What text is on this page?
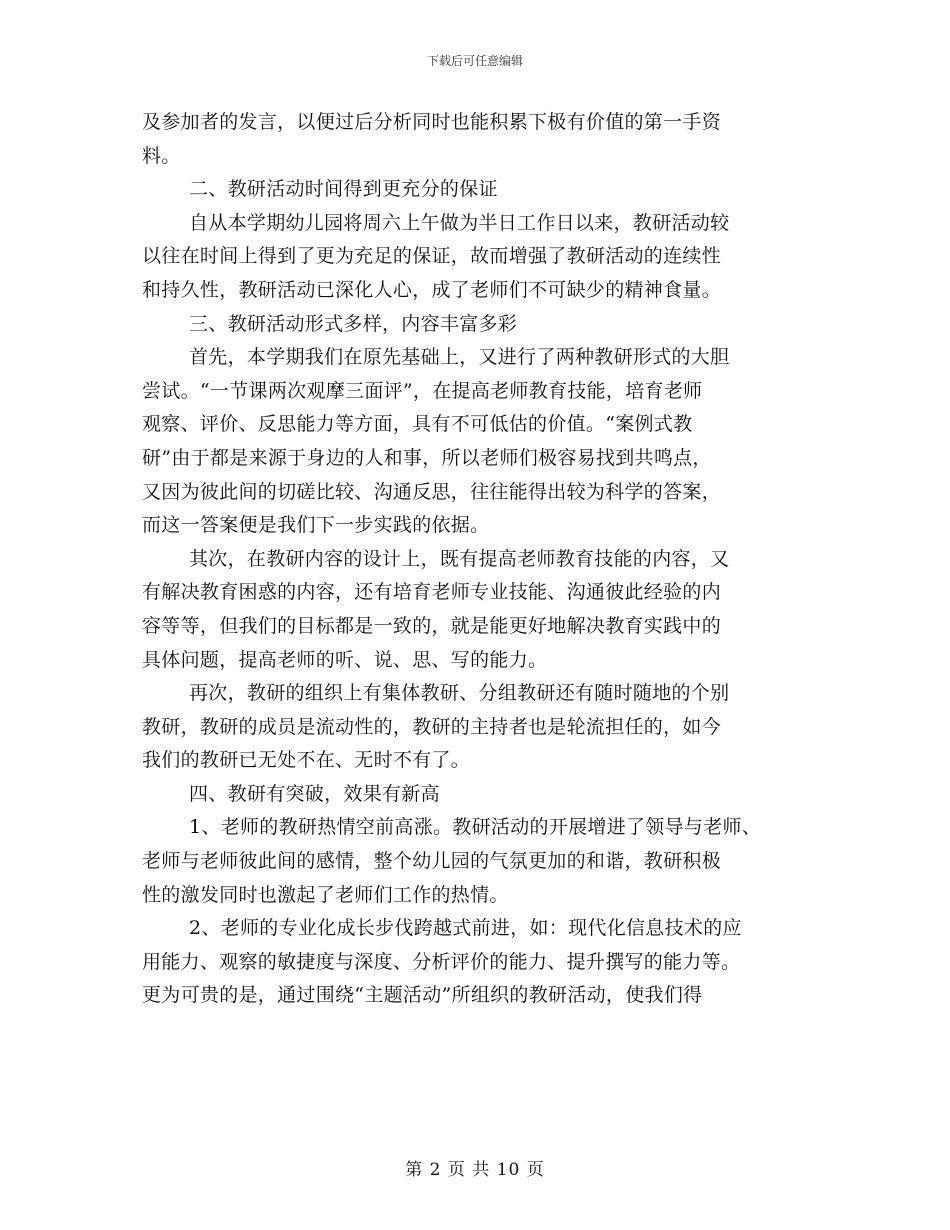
下载后可任意编辑
及参加者的发言，以便过后分析同时也能积累下极有价值的第一手资
料。
二、教研活动时间得到更充分的保证
自从本学期幼儿园将周六上午做为半日工作日以来，教研活动较
以往在时间上得到了更为充足的保证，故而增强了教研活动的连续性
和持久性，教研活动已深化人心，成了老师们不可缺少的精神食量。
三、教研活动形式多样，内容丰富多彩
首先，本学期我们在原先基础上，又进行了两种教研形式的大胆
尝试。“一节课两次观摩三面评”，在提高老师教育技能，培育老师
观察、评价、反思能力等方面，具有不可低估的价值。“案例式教
研”由于都是来源于身边的人和事，所以老师们极容易找到共鸣点，
又因为彼此间的切磋比较、沟通反思，往往能得出较为科学的答案，
而这一答案便是我们下一步实践的依据。
其次，在教研内容的设计上，既有提高老师教育技能的内容，又
有解决教育困惑的内容，还有培育老师专业技能、沟通彼此经验的内
容等等，但我们的目标都是一致的，就是能更好地解决教育实践中的
具体问题，提高老师的听、说、思、写的能力。
再次，教研的组织上有集体教研、分组教研还有随时随地的个别
教研，教研的成员是流动性的，教研的主持者也是轮流担任的，如今
我们的教研已无处不在、无时不有了。
四、教研有突破，效果有新高
1、老师的教研热情空前高涨。教研活动的开展增进了领导与老师、
老师与老师彼此间的感情，整个幼儿园的气氛更加的和谐，教研积极
性的激发同时也激起了老师们工作的热情。
2、老师的专业化成长步伐跨越式前进，如：现代化信息技术的应
用能力、观察的敏捷度与深度、分析评价的能力、提升撰写的能力等。
更为可贵的是，通过围绕“主题活动”所组织的教研活动，使我们得
第 2 页 共 10 页
